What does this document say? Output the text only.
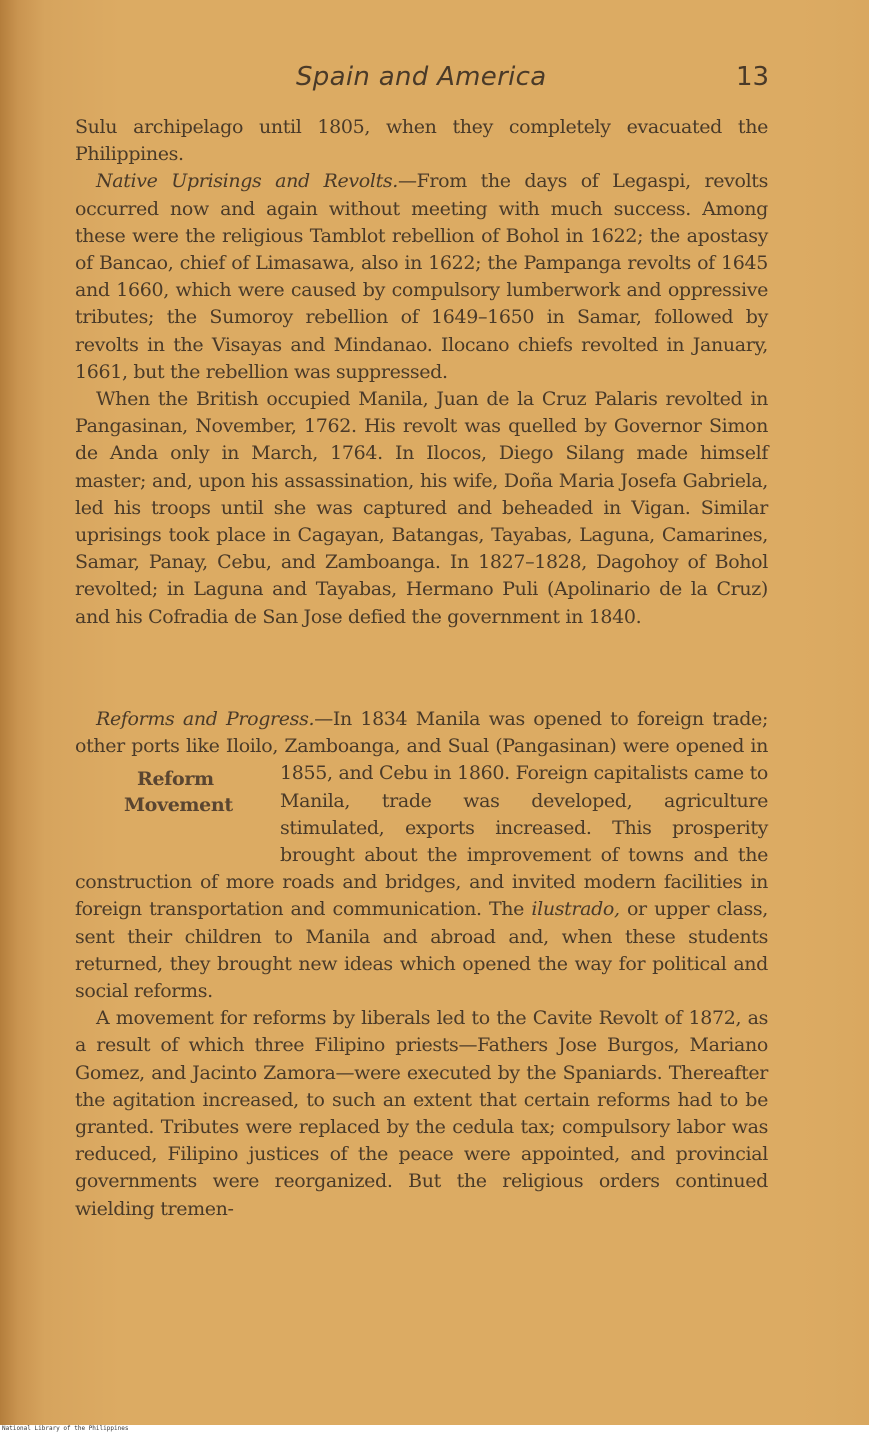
Spain and America	13

Sulu archipelago until 1805, when they completely evacuated the Philippines.

Native Uprisings and Revolts.—From the days of Legaspi, revolts occurred now and again without meeting with much success. Among these were the religious Tamblot rebellion of Bohol in 1622; the apostasy of Bancao, chief of Limasawa, also in 1622; the Pampanga revolts of 1645 and 1660, which were caused by compulsory lumberwork and oppressive tributes; the Sumoroy rebellion of 1649–1650 in Samar, followed by revolts in the Visayas and Mindanao. Ilocano chiefs revolted in January, 1661, but the rebellion was suppressed.

When the British occupied Manila, Juan de la Cruz Palaris revolted in Pangasinan, November, 1762. His revolt was quelled by Governor Simon de Anda only in March, 1764. In Ilocos, Diego Silang made himself master; and, upon his assassination, his wife, Doña Maria Josefa Gabriela, led his troops until she was captured and beheaded in Vigan. Similar uprisings took place in Cagayan, Batangas, Tayabas, Laguna, Camarines, Samar, Panay, Cebu, and Zamboanga. In 1827–1828, Dagohoy of Bohol revolted; in Laguna and Tayabas, Hermano Puli (Apolinario de la Cruz) and his Cofradia de San Jose defied the government in 1840.

Reforms and Progress.—In 1834 Manila was opened to foreign trade; other ports like Iloilo, Zamboanga, and Sual (Pangasinan) were opened in 1855, and Cebu in 1860. Foreign capitalists came
Reform
Movement
to Manila, trade was developed, agriculture stimulated, exports increased. This prosperity brought about the improvement of towns and the construction of more roads and bridges, and invited modern facilities in foreign transportation and communication. The ilustrado, or upper class, sent their children to Manila and abroad and, when these students returned, they brought new ideas which opened the way for political and social reforms.

A movement for reforms by liberals led to the Cavite Revolt of 1872, as a result of which three Filipino priests—Fathers Jose Burgos, Mariano Gomez, and Jacinto Zamora—were executed by the Spaniards. Thereafter the agitation increased, to such an extent that certain reforms had to be granted. Tributes were replaced by the cedula tax; compulsory labor was reduced, Filipino justices of the peace were appointed, and provincial governments were reorganized. But the religious orders continued wielding tremen-

National Library of the Philippines
